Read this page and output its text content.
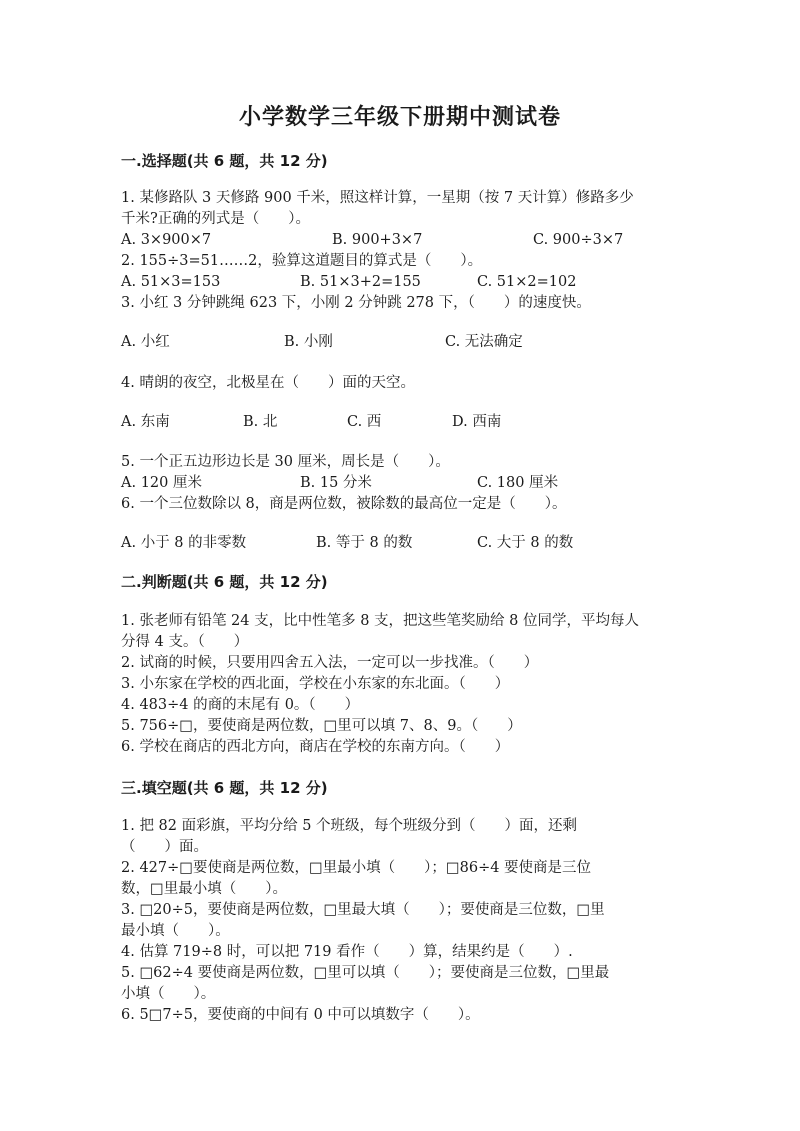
小学数学三年级下册期中测试卷
一.选择题(共 6 题，共 12 分)
1. 某修路队 3 天修路 900 千米，照这样计算，一星期（按 7 天计算）修路多少
千米?正确的列式是（　　）。
A. 3×900×7	B. 900+3×7	C. 900÷3×7
2. 155÷3=51……2，验算这道题目的算式是（　　）。
A. 51×3=153	B. 51×3+2=155	C. 51×2=102
3. 小红 3 分钟跳绳 623 下，小刚 2 分钟跳 278 下，（　　）的速度快。
A. 小红	B. 小刚	C. 无法确定
4. 晴朗的夜空，北极星在（　　）面的天空。
A. 东南	B. 北	C. 西	D. 西南
5. 一个正五边形边长是 30 厘米，周长是（　　）。
A. 120 厘米	B. 15 分米	C. 180 厘米
6. 一个三位数除以 8，商是两位数，被除数的最高位一定是（　　）。
A. 小于 8 的非零数	B. 等于 8 的数	C. 大于 8 的数
二.判断题(共 6 题，共 12 分)
1. 张老师有铅笔 24 支，比中性笔多 8 支，把这些笔奖励给 8 位同学，平均每人
分得 4 支。（　　）
2. 试商的时候，只要用四舍五入法，一定可以一步找准。（　　）
3. 小东家在学校的西北面，学校在小东家的东北面。（　　）
4. 483÷4 的商的末尾有 0。（　　）
5. 756÷□，要使商是两位数，□里可以填 7、8、9。（　　）
6. 学校在商店的西北方向，商店在学校的东南方向。（　　）
三.填空题(共 6 题，共 12 分)
1. 把 82 面彩旗，平均分给 5 个班级，每个班级分到（　　）面，还剩
（　　）面。
2. 427÷□要使商是两位数，□里最小填（　　）；□86÷4 要使商是三位
数，□里最小填（　　）。
3. □20÷5，要使商是两位数，□里最大填（　　）；要使商是三位数，□里
最小填（　　）。
4. 估算 719÷8 时，可以把 719 看作（　　）算，结果约是（　　）.
5. □62÷4 要使商是两位数，□里可以填（　　）；要使商是三位数，□里最
小填（　　）。
6. 5□7÷5，要使商的中间有 0 中可以填数字（　　）。
